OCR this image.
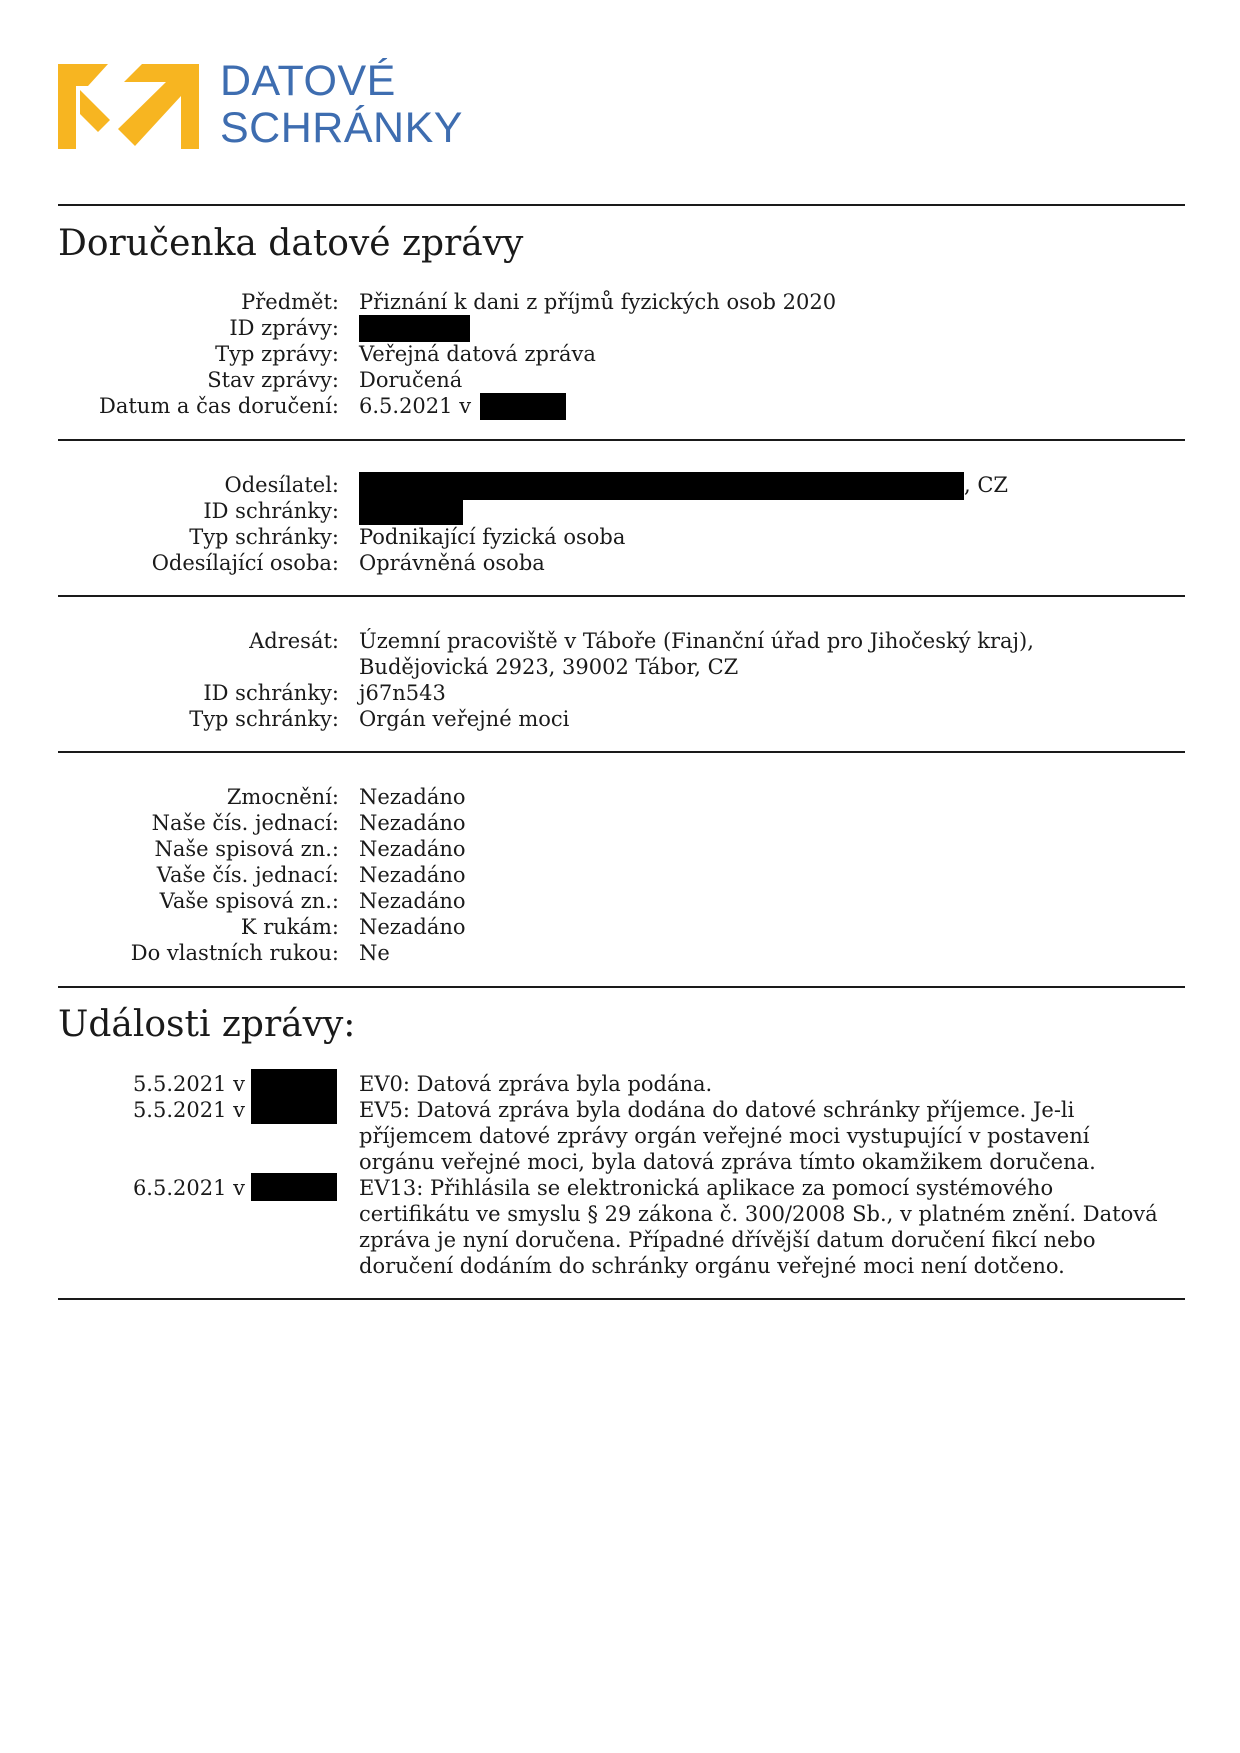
DATOVÉ
SCHRÁNKY
Doručenka datové zprávy
Předmět: Přiznání k dani z příjmů fyzických osob 2020
ID zprávy:
Typ zprávy: Veřejná datová zpráva
Stav zprávy: Doručená
Datum a čas doručení: 6.5.2021 v
Odesílatel:	, CZ
ID schránky:
Typ schránky: Podnikající fyzická osoba
Odesílající osoba: Oprávněná osoba
Adresát: Územní pracoviště v Táboře (Finanční úřad pro Jihočeský kraj),
Budějovická 2923, 39002 Tábor, CZ
ID schránky: j67n543
Typ schránky: Orgán veřejné moci
Zmocnění: Nezadáno
Naše čís. jednací: Nezadáno
Naše spisová zn.: Nezadáno
Vaše čís. jednací: Nezadáno
Vaše spisová zn.: Nezadáno
K rukám: Nezadáno
Do vlastních rukou: Ne
Události zprávy:
5.5.2021 v	EV0: Datová zpráva byla podána.
5.5.2021 v	EV5: Datová zpráva byla dodána do datové schránky příjemce. Je-li příjemcem datové zprávy orgán veřejné moci vystupující v postavení orgánu veřejné moci, byla datová zpráva tímto okamžikem doručena.
6.5.2021 v	EV13: Přihlásila se elektronická aplikace za pomocí systémového certifikátu ve smyslu § 29 zákona č. 300/2008 Sb., v platném znění. Datová zpráva je nyní doručena. Případné dřívější datum doručení fikcí nebo doručení dodáním do schránky orgánu veřejné moci není dotčeno.
